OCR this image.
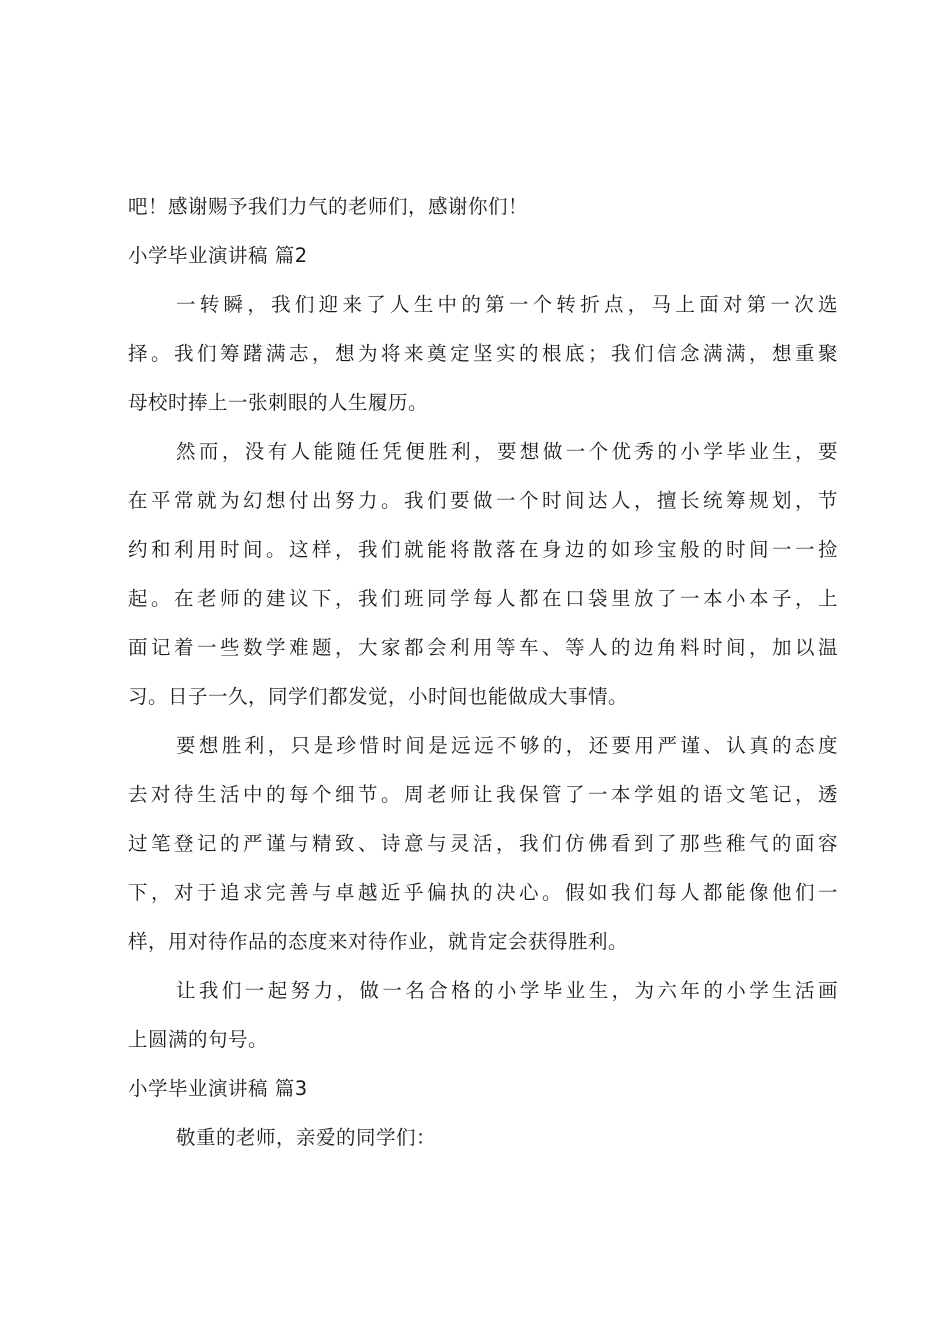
吧！感谢赐予我们力气的老师们，感谢你们！
小学毕业演讲稿 篇2
一转瞬，我们迎来了人生中的第一个转折点，马上面对第一次选
择。我们筹躇满志，想为将来奠定坚实的根底；我们信念满满，想重聚
母校时捧上一张刺眼的人生履历。
然而，没有人能随任凭便胜利，要想做一个优秀的小学毕业生，要
在平常就为幻想付出努力。我们要做一个时间达人，擅长统筹规划，节
约和利用时间。这样，我们就能将散落在身边的如珍宝般的时间一一捡
起。在老师的建议下，我们班同学每人都在口袋里放了一本小本子，上
面记着一些数学难题，大家都会利用等车、等人的边角料时间，加以温
习。日子一久，同学们都发觉，小时间也能做成大事情。
要想胜利，只是珍惜时间是远远不够的，还要用严谨、认真的态度
去对待生活中的每个细节。周老师让我保管了一本学姐的语文笔记，透
过笔登记的严谨与精致、诗意与灵活，我们仿佛看到了那些稚气的面容
下，对于追求完善与卓越近乎偏执的决心。假如我们每人都能像他们一
样，用对待作品的态度来对待作业，就肯定会获得胜利。
让我们一起努力，做一名合格的小学毕业生，为六年的小学生活画
上圆满的句号。
小学毕业演讲稿 篇3
敬重的老师，亲爱的同学们：
